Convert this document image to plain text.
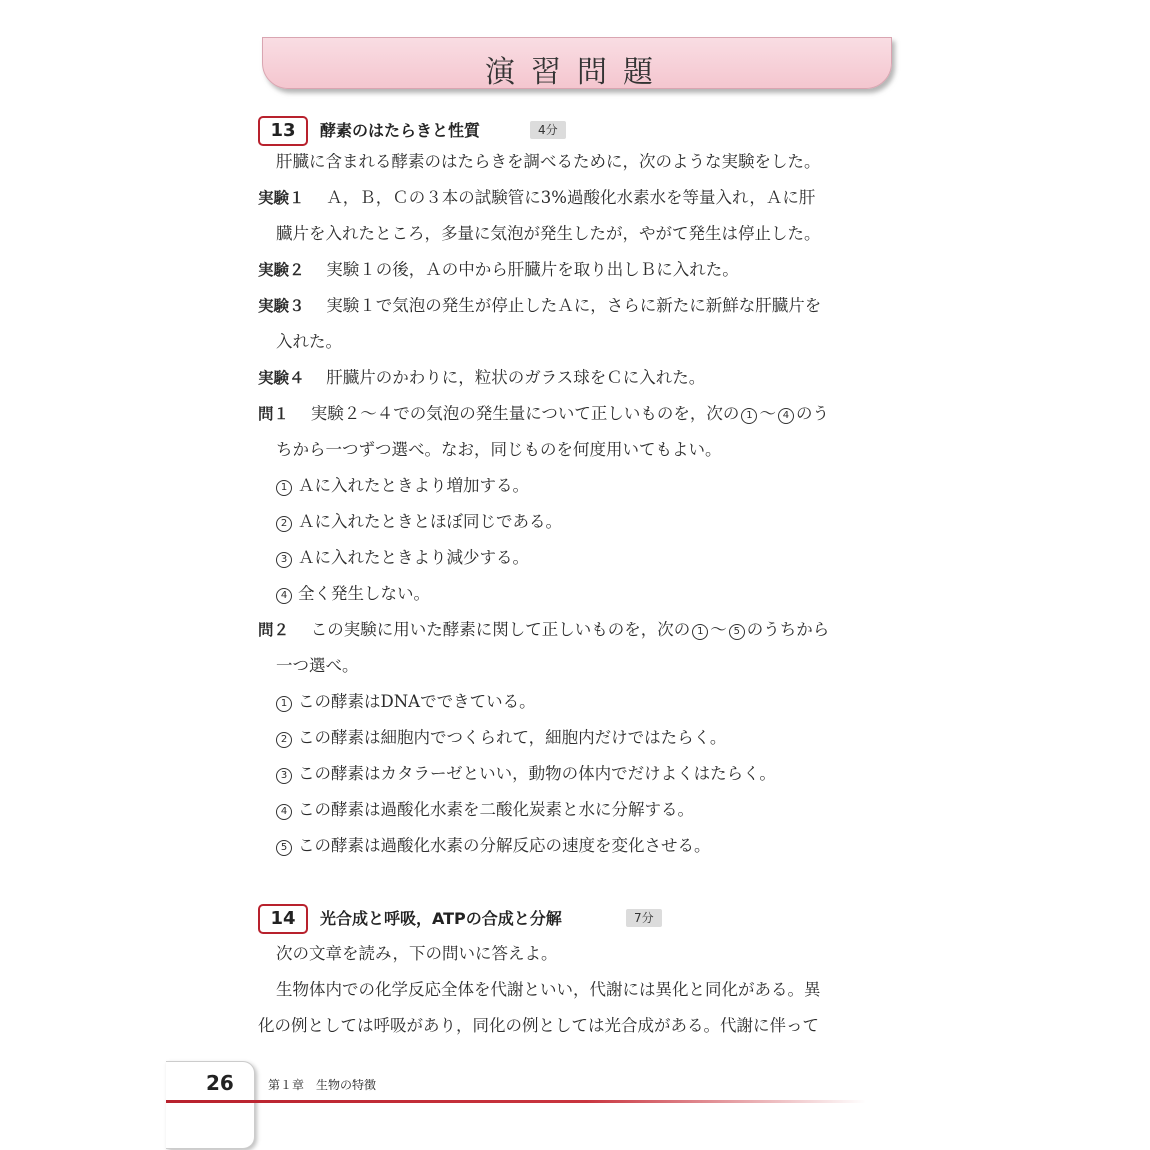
演習問題
13	酵素のはたらきと性質	4分
肝臓に含まれる酵素のはたらきを調べるために，次のような実験をした。
実験１　 Ａ，Ｂ，Ｃの３本の試験管に3%過酸化水素水を等量入れ，Ａに肝
臓片を入れたところ，多量に気泡が発生したが，やがて発生は停止した。
実験２　 実験１の後，Ａの中から肝臓片を取り出しＢに入れた。
実験３　 実験１で気泡の発生が停止したＡに，さらに新たに新鮮な肝臓片を
入れた。
実験４　 肝臓片のかわりに，粒状のガラス球をＣに入れた。
問１　 実験２～４での気泡の発生量について正しいものを，次の 1 ～ 4 のう
ちから一つずつ選べ。なお，同じものを何度用いてもよい。
1 Ａに入れたときより増加する。
2 Ａに入れたときとほぼ同じである。
3 Ａに入れたときより減少する。
4 全く発生しない。
問２　 この実験に用いた酵素に関して正しいものを，次の 1 ～ 5 のうちから
一つ選べ。
1 この酵素はDNAでできている。
2 この酵素は細胞内でつくられて，細胞内だけではたらく。
3 この酵素はカタラーゼといい，動物の体内でだけよくはたらく。
4 この酵素は過酸化水素を二酸化炭素と水に分解する。
5 この酵素は過酸化水素の分解反応の速度を変化させる。
14	光合成と呼吸，ATPの合成と分解	7分
次の文章を読み，下の問いに答えよ。
生物体内での化学反応全体を代謝といい，代謝には異化と同化がある。異
化の例としては呼吸があり，同化の例としては光合成がある。代謝に伴って
26	第１章　生物の特徴
